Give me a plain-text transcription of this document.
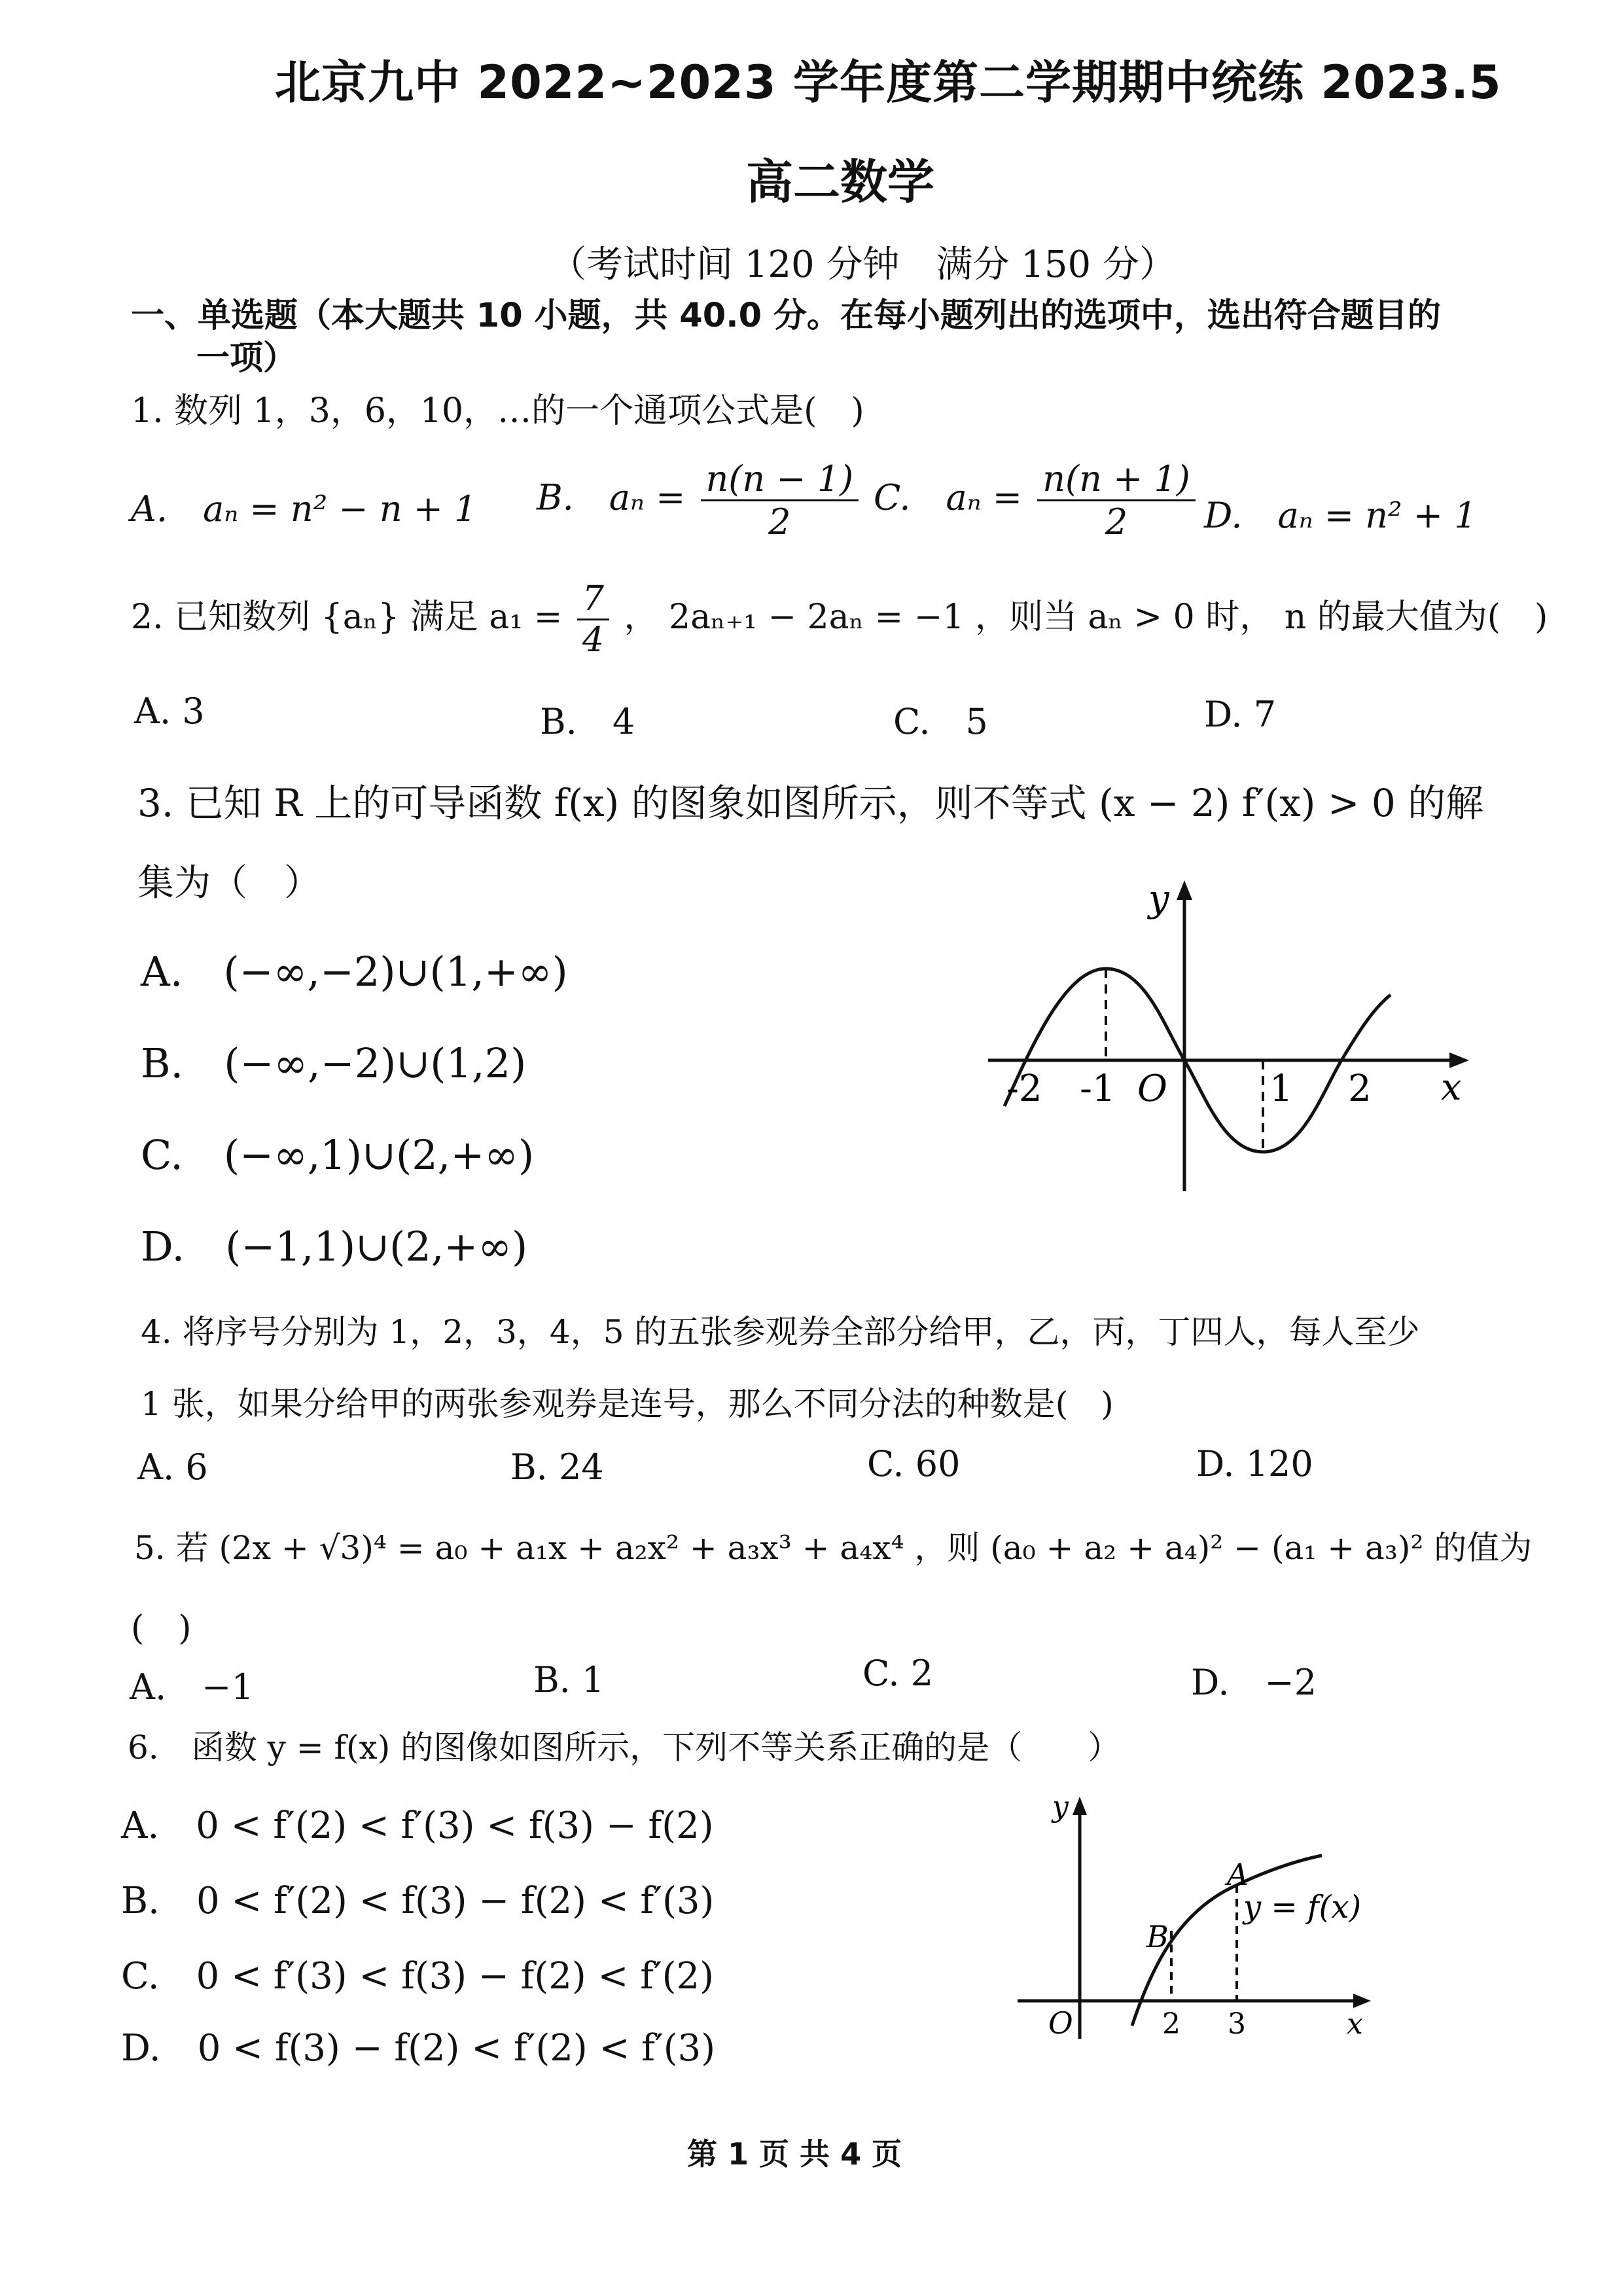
北京九中 2022~2023 学年度第二学期期中统练 2023.5
高二数学
（考试时间 120 分钟　满分 150 分）
一、单选题（本大题共 10 小题，共 40.0 分。在每小题列出的选项中，选出符合题目的
一项）
1. 数列 1，3，6，10，…的一个通项公式是(　)
A.　aₙ = n² − n + 1 B.　$a_n = \frac{n(n - 1)}{2} C$.　$a_n = \frac{n(n + 1)}{2} D$.　aₙ = n² + 1
2. 已知数列 {aₙ} 满足 $a_1 = \frac{7}{4}$ ， 2aₙ₊₁ − 2aₙ = −1 ，则当 aₙ > 0 时， n 的最大值为(　)
A. 3	B.　4	C.　5	D. 7
3. 已知 R 上的可导函数 f(x) 的图象如图所示，则不等式 (x − 2) f′(x) > 0 的解
集为（　）
A.　(−∞,−2)∪(1,+∞)
B.　(−∞,−2)∪(1,2)
C.　(−∞,1)∪(2,+∞)
D.　(−1,1)∪(2,+∞)
y
x
O
-2 -1	1 2
4. 将序号分别为 1，2，3，4，5 的五张参观券全部分给甲，乙，丙，丁四人，每人至少
1 张，如果分给甲的两张参观券是连号，那么不同分法的种数是(　)
A. 6	B. 24	C. 60	D. 120
5. 若 (2x + √3)⁴ = a₀ + a₁x + a₂x² + a₃x³ + a₄x⁴ ，则 (a₀ + a₂ + a₄)² − (a₁ + a₃)² 的值为
(　)
A.　−1	B. 1	C. 2	D.　−2
6.　函数 y = f(x) 的图像如图所示，下列不等关系正确的是（　　）
A.　0 < f′(2) < f′(3) < f(3) − f(2)
B.　0 < f′(2) < f(3) − f(2) < f′(3)
C.　0 < f′(3) < f(3) − f(2) < f′(2)
D.　0 < f(3) − f(2) < f′(2) < f′(3)
y
x
O
A
B
y = f(x)
2 3
第 1 页 共 4 页
